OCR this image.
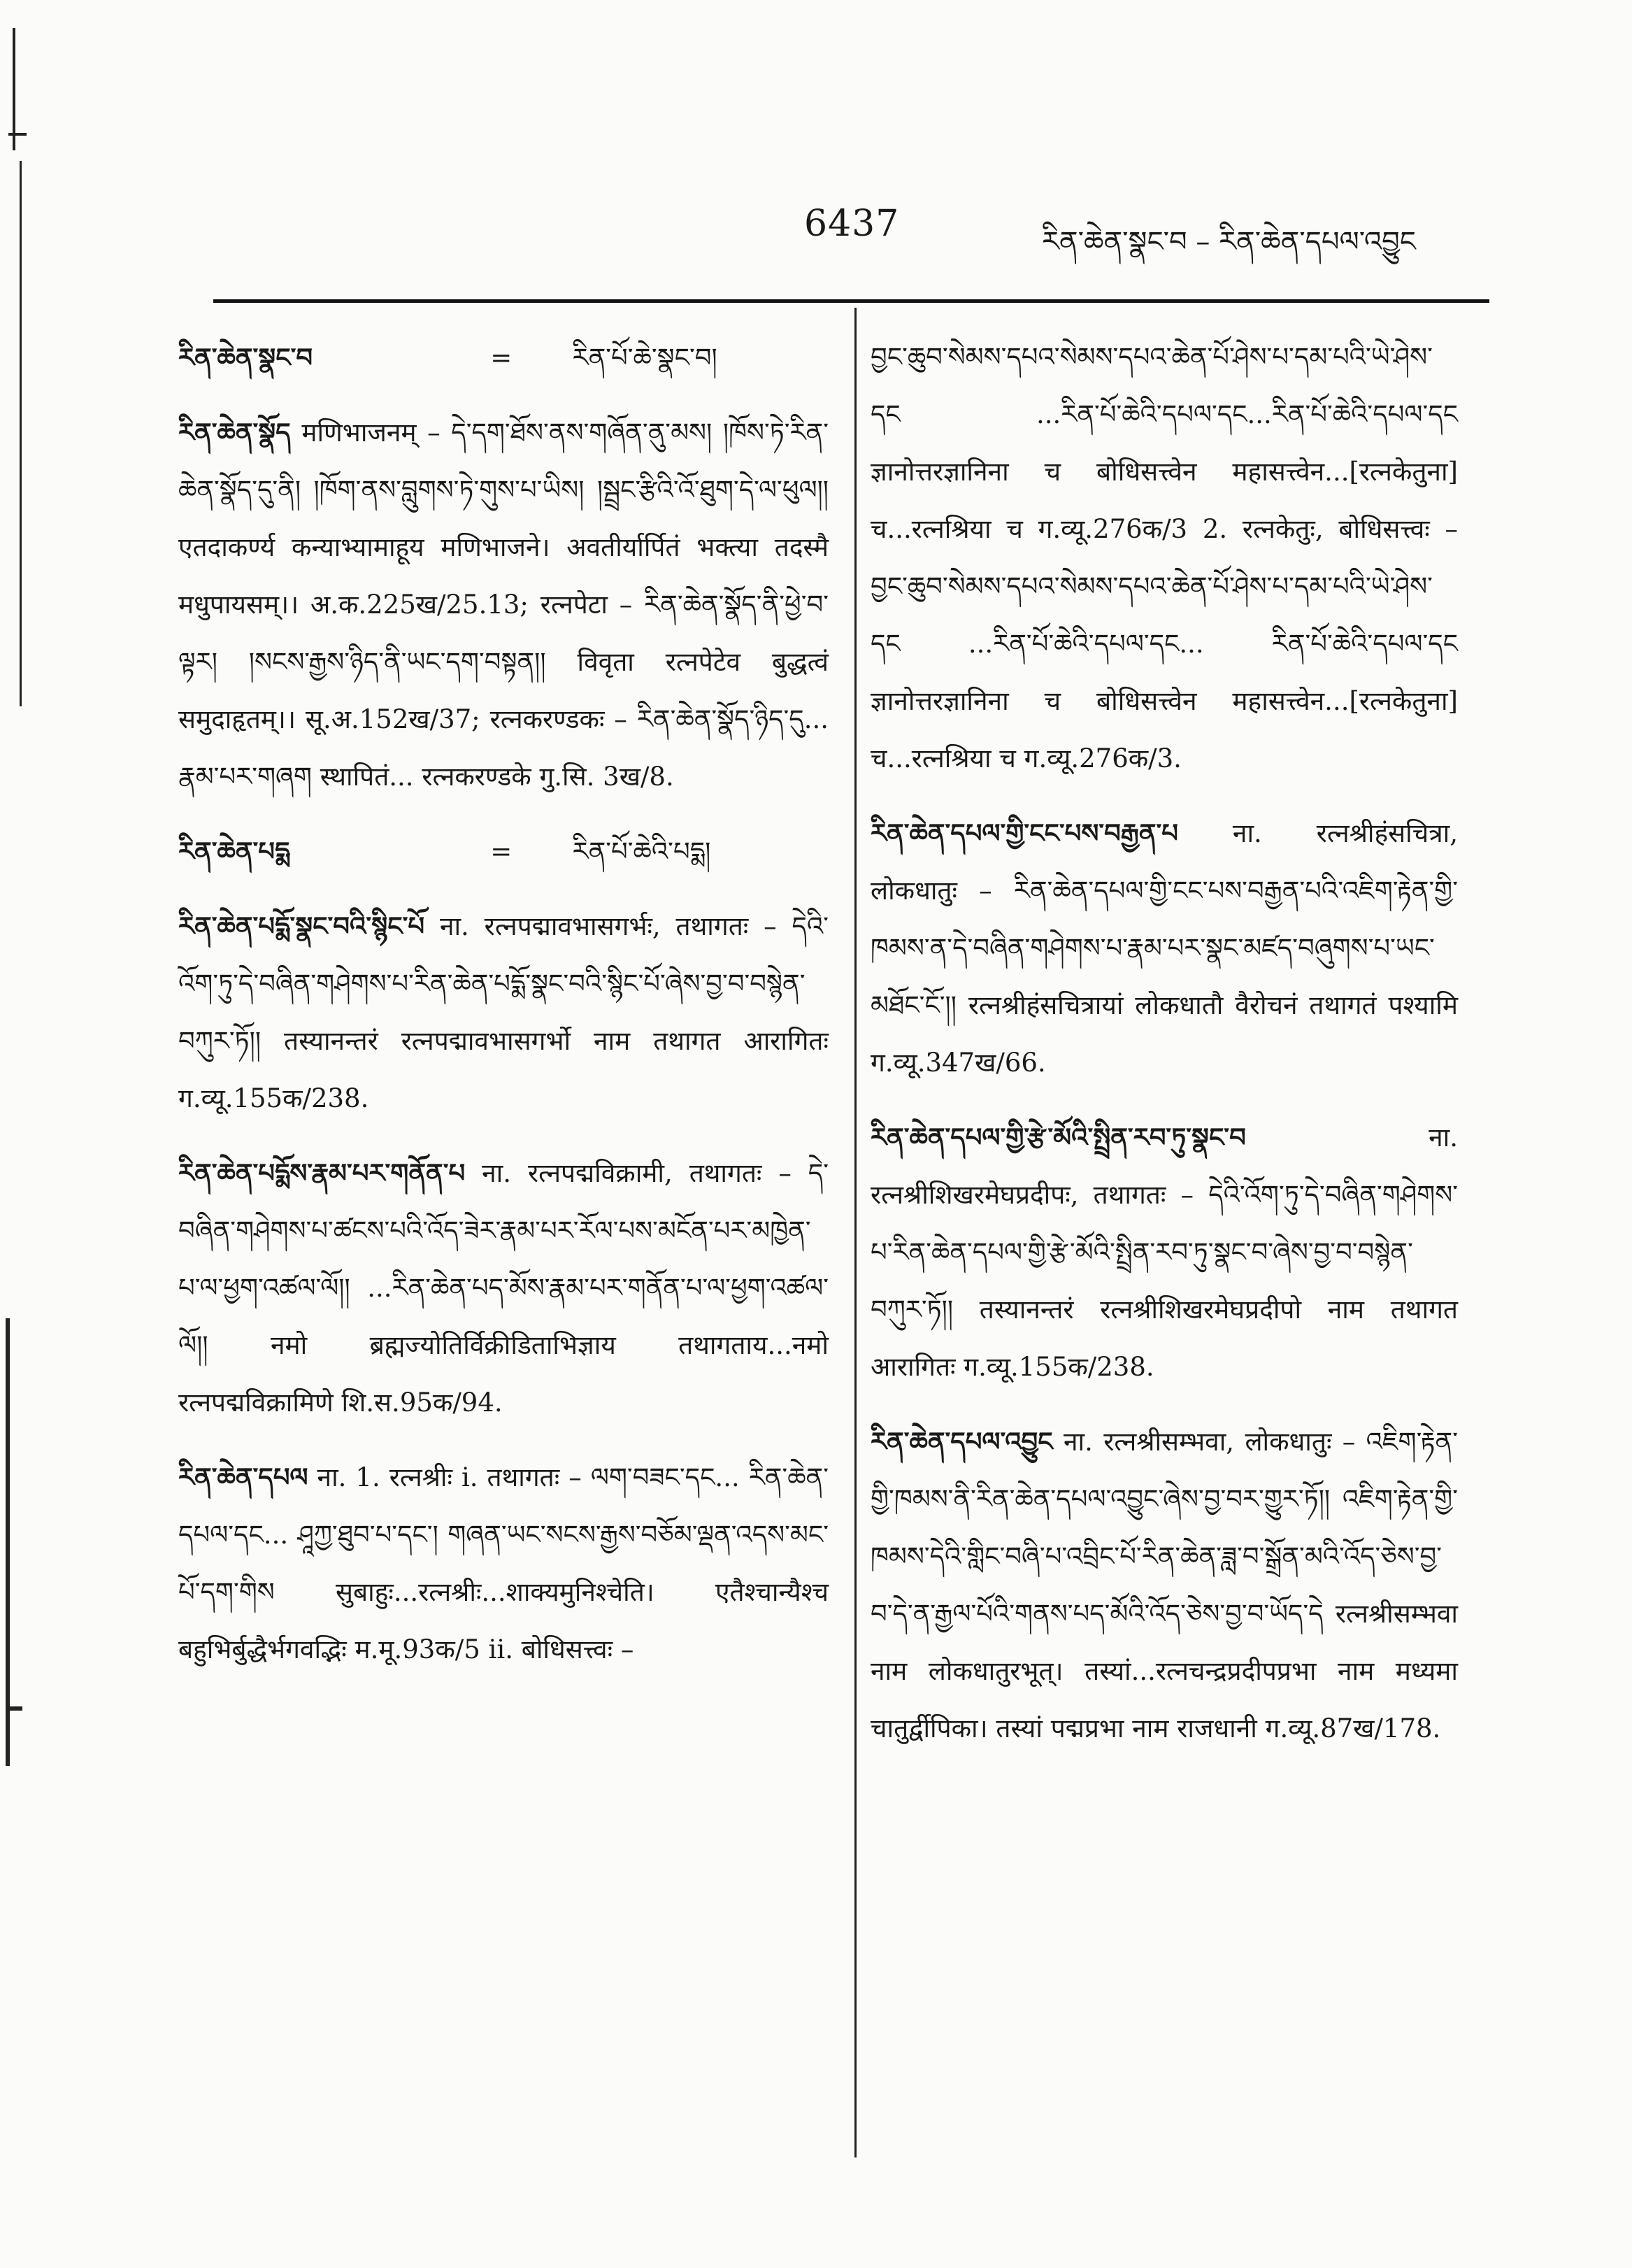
6437	རིན་ཆེན་སྣང་བ – རིན་ཆེན་དཔལ་འབྱུང
རིན་ཆེན་སྣང་བ	= རིན་པོ་ཆེ་སྣང་བ།
རིན་ཆེན་སྣོད मणिभाजनम् – དེ་དག་ཐོས་ནས་གཞོན་ནུ་མས། །ཁོས་ཏེ་རིན་ཆེན་སྣོད་དུ་ནི། །ཁོག་ནས་བླུགས་ཏེ་གུས་པ་ཡིས། །སྦྲང་རྩིའི་འོ་ཐུག་དེ་ལ་ཕུལ།། एतदाकर्ण्य कन्याभ्यामाहूय मणिभाजने। अवतीर्यार्पितं भक्त्या तदस्मै मधुपायसम्।। अ.क.225ख/25.13; रत्नपेटा – རིན་ཆེན་སྣོད་ནི་ཕྱེ་བ་ལྟར། །སངས་རྒྱས་ཉིད་ནི་ཡང་དག་བསྟན།། विवृता रत्नपेटेव बुद्धत्वं समुदाहृतम्।। सू.अ.152ख/37; रत्नकरण्डकः – རིན་ཆེན་སྣོད་ཉིད་དུ... རྣམ་པར་གཞག स्थापितं... रत्नकरण्डके गु.सि. 3ख/8.
རིན་ཆེན་པདྨ	= རིན་པོ་ཆེའི་པདྨ།
རིན་ཆེན་པདྨོ་སྣང་བའི་སྙིང་པོ ना. रत्नपद्मावभासगर्भः, तथागतः – དེའི་འོག་ཏུ་དེ་བཞིན་གཤེགས་པ་རིན་ཆེན་པདྨོ་སྣང་བའི་སྙིང་པོ་ཞེས་བྱ་བ་བསྙེན་བཀུར་ཏོ།། तस्यानन्तरं रत्नपद्मावभासगर्भो नाम तथागत आरागितः ग.व्यू.155क/238.
རིན་ཆེན་པདྨོས་རྣམ་པར་གནོན་པ ना. रत्नपद्मविक्रामी, तथागतः – དེ་བཞིན་གཤེགས་པ་ཚངས་པའི་འོད་ཟེར་རྣམ་པར་རོལ་པས་མངོན་པར་མཁྱེན་པ་ལ་ཕྱག་འཚལ་ལོ།། ...རིན་ཆེན་པད་མོས་རྣམ་པར་གནོན་པ་ལ་ཕྱག་འཚལ་ལོ།། नमो ब्रह्मज्योतिर्विक्रीडिताभिज्ञाय तथागताय...नमो रत्नपद्मविक्रामिणे शि.स.95क/94.
རིན་ཆེན་དཔལ ना. 1. रत्नश्रीः i. तथागतः – ལག་བཟང་དང... རིན་ཆེན་དཔལ་དང... ཤཱཀྱ་ཐུབ་པ་དང་། གཞན་ཡང་སངས་རྒྱས་བཅོམ་ལྡན་འདས་མང་པོ་དག་གིས सुबाहुः...रत्नश्रीः...शाक्यमुनिश्चेति। एतैश्चान्यैश्च बहुभिर्बुद्धैर्भगवद्भिः म.मू.93क/5 ii. बोधिसत्त्वः –
བྱང་ཆུབ་སེམས་དཔའ་སེམས་དཔའ་ཆེན་པོ་ཤེས་པ་དམ་པའི་ཡེ་ཤེས་དང ...རིན་པོ་ཆེའི་དཔལ་དང...རིན་པོ་ཆེའི་དཔལ་དང ज्ञानोत्तरज्ञानिना च बोधिसत्त्वेन महासत्त्वेन...[रत्नकेतुना] च...रत्नश्रिया च ग.व्यू.276क/3 2. रत्नकेतुः, बोधिसत्त्वः – བྱང་ཆུབ་སེམས་དཔའ་སེམས་དཔའ་ཆེན་པོ་ཤེས་པ་དམ་པའི་ཡེ་ཤེས་དང ...རིན་པོ་ཆེའི་དཔལ་དང... རིན་པོ་ཆེའི་དཔལ་དང ज्ञानोत्तरज्ञानिना च बोधिसत्त्वेन महासत्त्वेन...[रत्नकेतुना] च...रत्नश्रिया च ग.व्यू.276क/3.
རིན་ཆེན་དཔལ་གྱི་ངང་པས་བརྒྱན་པ ना. रत्नश्रीहंसचित्रा, लोकधातुः – རིན་ཆེན་དཔལ་གྱི་ངང་པས་བརྒྱན་པའི་འཇིག་རྟེན་གྱི་ཁམས་ན་དེ་བཞིན་གཤེགས་པ་རྣམ་པར་སྣང་མཛད་བཞུགས་པ་ཡང་མཐོང་ངོ་།། रत्नश्रीहंसचित्रायां लोकधातौ वैरोचनं तथागतं पश्यामि ग.व्यू.347ख/66.
རིན་ཆེན་དཔལ་གྱི་རྩེ་མོའི་སྤྲིན་རབ་ཏུ་སྣང་བ	ना. रत्नश्रीशिखरमेघप्रदीपः, तथागतः – དེའི་འོག་ཏུ་དེ་བཞིན་གཤེགས་པ་རིན་ཆེན་དཔལ་གྱི་རྩེ་མོའི་སྤྲིན་རབ་ཏུ་སྣང་བ་ཞེས་བྱ་བ་བསྙེན་བཀུར་ཏོ།། तस्यानन्तरं रत्नश्रीशिखरमेघप्रदीपो नाम तथागत आरागितः ग.व्यू.155क/238.
རིན་ཆེན་དཔལ་འབྱུང ना. रत्नश्रीसम्भवा, लोकधातुः – འཇིག་རྟེན་གྱི་ཁམས་ནི་རིན་ཆེན་དཔལ་འབྱུང་ཞེས་བྱ་བར་གྱུར་ཏོ།། འཇིག་རྟེན་གྱི་ཁམས་དེའི་གླིང་བཞི་པ་འབྲིང་པོ་རིན་ཆེན་ཟླ་བ་སྒྲོན་མའི་འོད་ཅེས་བྱ་བ་དེ་ན་རྒྱལ་པོའི་གནས་པད་མོའི་འོད་ཅེས་བྱ་བ་ཡོད་དེ रत्नश्रीसम्भवा नाम लोकधातुरभूत्। तस्यां...रत्नचन्द्रप्रदीपप्रभा नाम मध्यमा चातुर्द्वीपिका। तस्यां पद्मप्रभा नाम राजधानी ग.व्यू.87ख/178.
